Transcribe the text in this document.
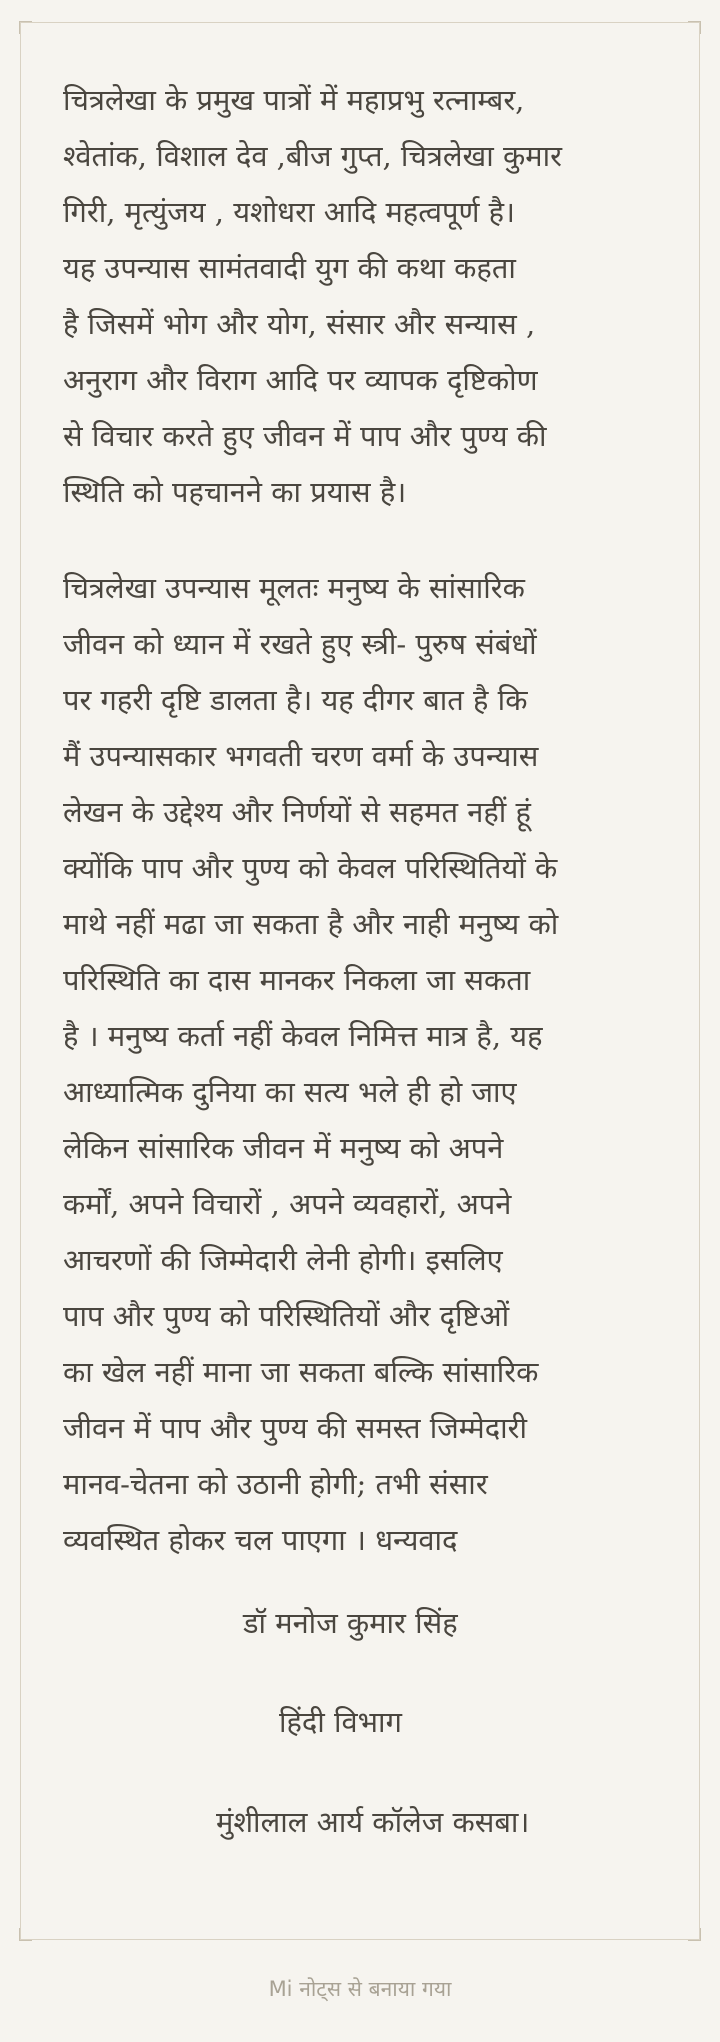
चित्रलेखा के प्रमुख पात्रों में महाप्रभु रत्नाम्बर,
श्वेतांक, विशाल देव ,बीज गुप्त, चित्रलेखा कुमार
गिरी, मृत्युंजय , यशोधरा आदि महत्वपूर्ण है।
यह उपन्यास सामंतवादी युग की कथा कहता
है जिसमें भोग और योग, संसार और सन्यास ,
अनुराग और विराग आदि पर व्यापक दृष्टिकोण
से विचार करते हुए जीवन में पाप और पुण्य की
स्थिति को पहचानने का प्रयास है।

चित्रलेखा उपन्यास मूलतः मनुष्य के सांसारिक
जीवन को ध्यान में रखते हुए स्त्री- पुरुष संबंधों
पर गहरी दृष्टि डालता है। यह दीगर बात है कि
मैं उपन्यासकार भगवती चरण वर्मा के उपन्यास
लेखन के उद्देश्य और निर्णयों से सहमत नहीं हूं
क्योंकि पाप और पुण्य को केवल परिस्थितियों के
माथे नहीं मढा जा सकता है और नाही मनुष्य को
परिस्थिति का दास मानकर निकला जा सकता
है । मनुष्य कर्ता नहीं केवल निमित्त मात्र है, यह
आध्यात्मिक दुनिया का सत्य भले ही हो जाए
लेकिन सांसारिक जीवन में मनुष्य को अपने
कर्मों, अपने विचारों , अपने व्यवहारों, अपने
आचरणों की जिम्मेदारी लेनी होगी। इसलिए
पाप और पुण्य को परिस्थितियों और दृष्टिओं
का खेल नहीं माना जा सकता बल्कि सांसारिक
जीवन में पाप और पुण्य की समस्त जिम्मेदारी
मानव-चेतना को उठानी होगी; तभी संसार
व्यवस्थित होकर चल पाएगा । धन्यवाद

डॉ मनोज कुमार सिंह
हिंदी विभाग
मुंशीलाल आर्य कॉलेज कसबा।
Mi नोट्स से बनाया गया
